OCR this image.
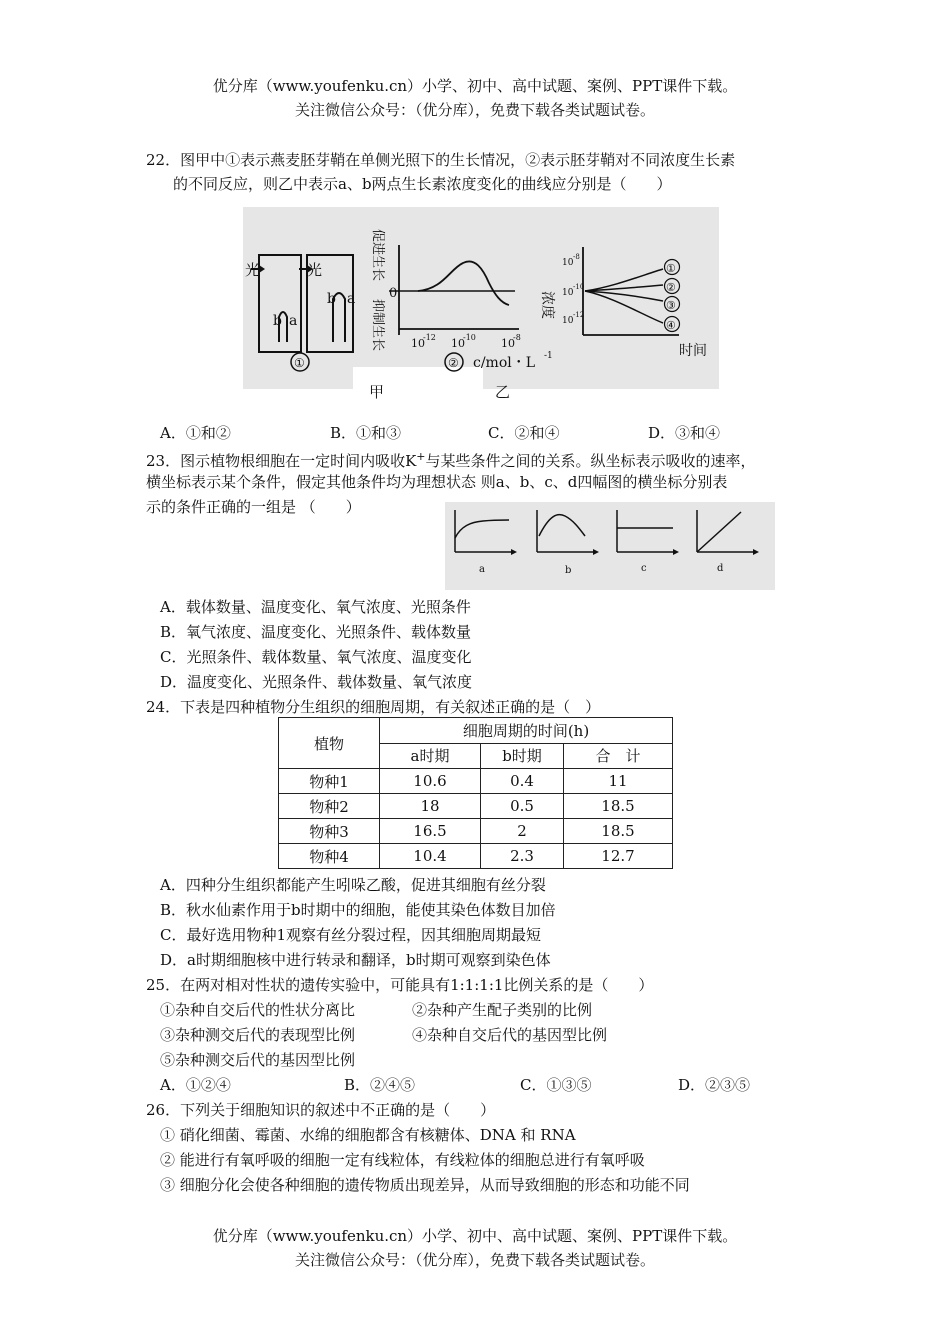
优分库（www.youfenku.cn）小学、初中、高中试题、案例、PPT课件下载。
关注微信公众号：（优分库），免费下载各类试题试卷。
22．图甲中①表示燕麦胚芽鞘在单侧光照下的生长情况，②表示胚芽鞘对不同浓度生长素
的不同反应，则乙中表示a、b两点生长素浓度变化的曲线应分别是（　　）
光	光
b a
b a
①
促进生长
抑制生长
0
10
-12 10
-10 10
-8
② c/mol・L -1
浓度
10
-8
10
-10
10
-12
①
②
③
④
时间
甲	乙
A．①和②	B．①和③	C．②和④	D．③和④
23．图示植物根细胞在一定时间内吸收K+与某些条件之间的关系。纵坐标表示吸收的速率，
横坐标表示某个条件，假定其他条件均为理想状态 则a、b、c、d四幅图的横坐标分别表
示的条件正确的一组是 （　　）
a	b	c	d
A．载体数量、温度变化、氧气浓度、光照条件
B．氧气浓度、温度变化、光照条件、载体数量
C．光照条件、载体数量、氧气浓度、温度变化
D．温度变化、光照条件、载体数量、氧气浓度
24．下表是四种植物分生组织的细胞周期，有关叙述正确的是（　）
植物	细胞周期的时间(h)		
	a时期	b时期	合　计
物种1	10.6	0.4	11
物种2	18	0.5	18.5
物种3	16.5	2	18.5
物种4	10.4	2.3	12.7
A．四种分生组织都能产生吲哚乙酸，促进其细胞有丝分裂
B．秋水仙素作用于b时期中的细胞，能使其染色体数目加倍
C．最好选用物种1观察有丝分裂过程，因其细胞周期最短
D．a时期细胞核中进行转录和翻译，b时期可观察到染色体
25．在两对相对性状的遗传实验中，可能具有1:1:1:1比例关系的是（　　）
①杂种自交后代的性状分离比	②杂种产生配子类别的比例
③杂种测交后代的表现型比例	④杂种自交后代的基因型比例
⑤杂种测交后代的基因型比例
A．①②④	B．②④⑤	C．①③⑤	D．②③⑤
26．下列关于细胞知识的叙述中不正确的是（　　）
① 硝化细菌、霉菌、水绵的细胞都含有核糖体、DNA 和 RNA
② 能进行有氧呼吸的细胞一定有线粒体，有线粒体的细胞总进行有氧呼吸
③ 细胞分化会使各种细胞的遗传物质出现差异，从而导致细胞的形态和功能不同
优分库（www.youfenku.cn）小学、初中、高中试题、案例、PPT课件下载。
关注微信公众号：（优分库），免费下载各类试题试卷。
